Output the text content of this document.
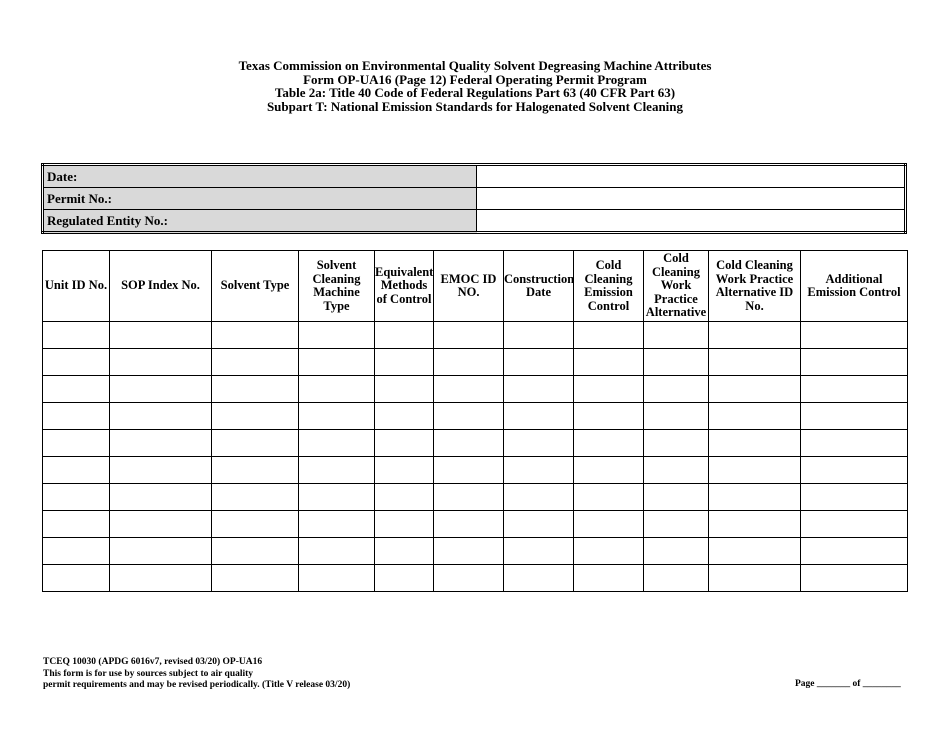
Texas Commission on Environmental Quality Solvent Degreasing Machine Attributes
Form OP-UA16 (Page 12) Federal Operating Permit Program
Table 2a: Title 40 Code of Federal Regulations Part 63 (40 CFR Part 63)
Subpart T: National Emission Standards for Halogenated Solvent Cleaning
Date:	
Permit No.:	
Regulated Entity No.:	
Unit ID No.	SOP Index No.	Solvent Type	Solvent Cleaning Machine Type	Equivalent Methods of Control	EMOC ID NO.	Construction Date	Cold Cleaning Emission Control	Cold Cleaning Work Practice Alternative	Cold Cleaning Work Practice Alternative ID No.	Additional Emission Control

TCEQ 10030 (APDG 6016v7, revised 03/20) OP-UA16
This form is for use by sources subject to air quality
permit requirements and may be revised periodically. (Title V release 03/20)	Page _______ of ________
